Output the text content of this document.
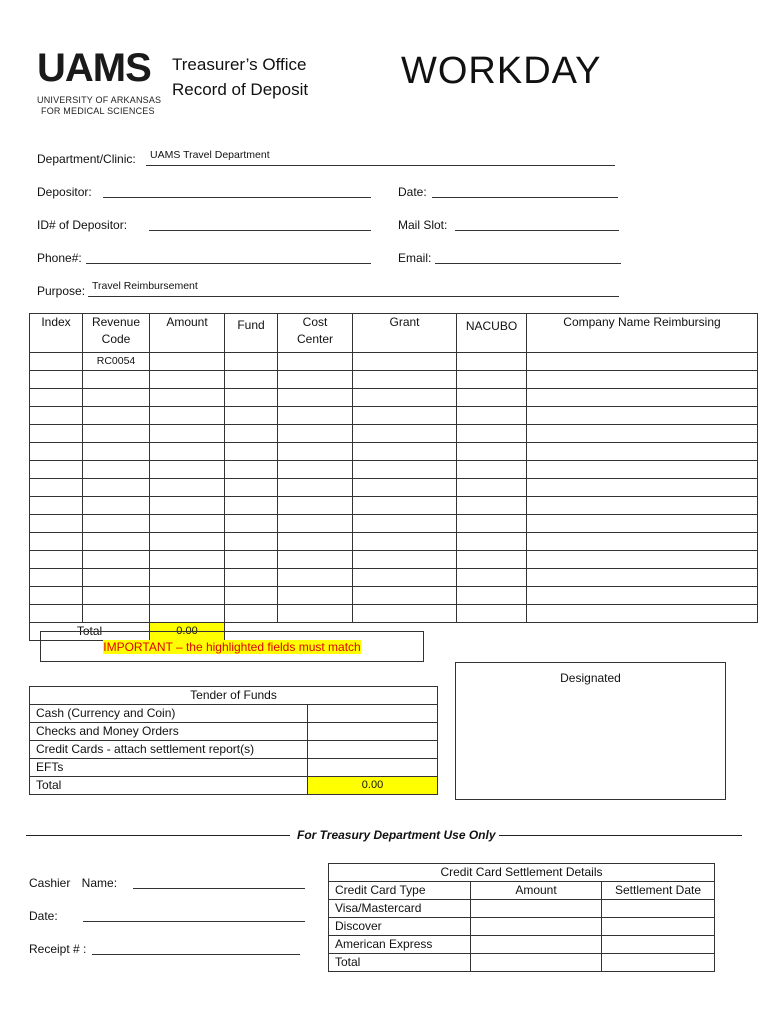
UAMS
UNIVERSITY OF ARKANSAS
FOR MEDICAL SCIENCES
Treasurer’s Office
Record of Deposit WORKDAY
Department/Clinic: UAMS Travel Department
Depositor:	Date:
ID# of Depositor:	Mail Slot:
Phone#:	Email:
Purpose: Travel Reimbursement
Index	Revenue Code	Amount	Fund	Cost Center	Grant	NACUBO	Company Name Reimbursing
	RC0054						

Total		0.00					
IMPORTANT – the highlighted fields must match
Designated
Tender of Funds	
Cash (Currency and Coin)	
Checks and Money Orders	
Credit Cards - attach settlement report(s)	
EFTs	
Total	0.00
For Treasury Department Use Only
Cashier Name:
Date:
Receipt # :
Credit Card Settlement Details		
Credit Card Type	Amount	Settlement Date
Visa/Mastercard		
Discover		
American Express		
Total		
